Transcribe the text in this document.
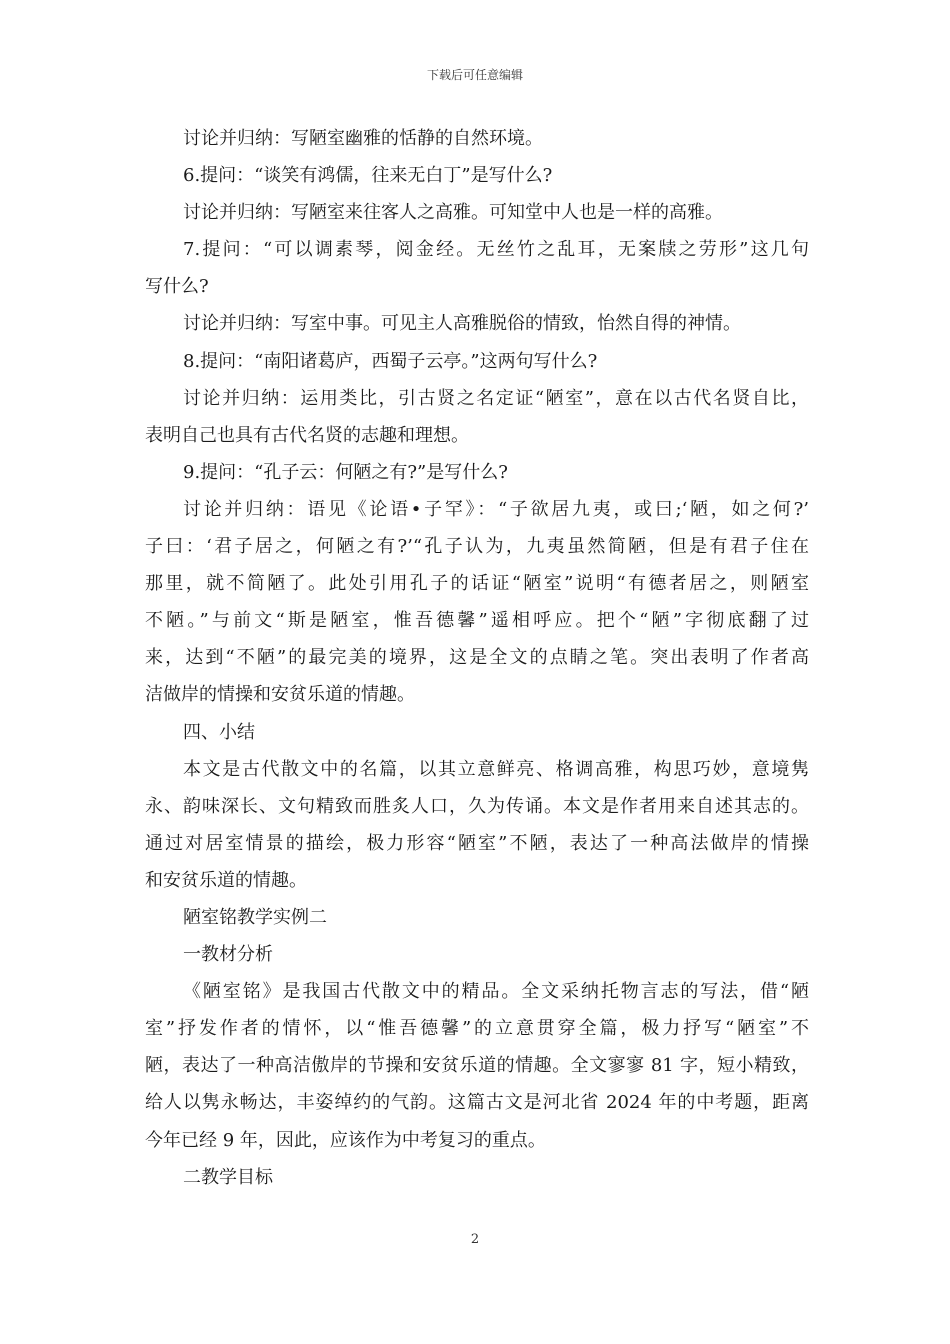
下载后可任意编辑
讨论并归纳：写陋室幽雅的恬静的自然环境。
6.提问：“谈笑有鸿儒，往来无白丁”是写什么?
讨论并归纳：写陋室来往客人之高雅。可知堂中人也是一样的高雅。
7.提问：“可以调素琴，阅金经。无丝竹之乱耳，无案牍之劳形”这几句
写什么?
讨论并归纳：写室中事。可见主人高雅脱俗的情致，怡然自得的神情。
8.提问：“南阳诸葛庐，西蜀子云亭。”这两句写什么?
讨论并归纳：运用类比，引古贤之名定证“陋室”，意在以古代名贤自比，
表明自己也具有古代名贤的志趣和理想。
9.提问：“孔子云：何陋之有?”是写什么?
讨论并归纳：语见《论语•子罕》：“子欲居九夷，或曰;‘陋，如之何?’
子曰：‘君子居之，何陋之有?’“孔子认为，九夷虽然简陋，但是有君子住在
那里，就不简陋了。此处引用孔子的话证“陋室”说明“有德者居之，则陋室
不陋。”与前文“斯是陋室，惟吾德馨”遥相呼应。把个“陋”字彻底翻了过
来，达到“不陋”的最完美的境界，这是全文的点睛之笔。突出表明了作者高
洁做岸的情操和安贫乐道的情趣。
四、小结
本文是古代散文中的名篇，以其立意鲜亮、格调高雅，构思巧妙，意境隽
永、韵味深长、文句精致而胜炙人口，久为传诵。本文是作者用来自述其志的。
通过对居室情景的描绘，极力形容“陋室”不陋，表达了一种高法做岸的情操
和安贫乐道的情趣。
陋室铭教学实例二
一教材分析
《陋室铭》是我国古代散文中的精品。全文采纳托物言志的写法，借“陋
室”抒发作者的情怀，以“惟吾德馨”的立意贯穿全篇，极力抒写“陋室”不
陋，表达了一种高洁傲岸的节操和安贫乐道的情趣。全文寥寥 81 字，短小精致，
给人以隽永畅达，丰姿绰约的气韵。这篇古文是河北省 2024 年的中考题，距离
今年已经 9 年，因此，应该作为中考复习的重点。
二教学目标
2
